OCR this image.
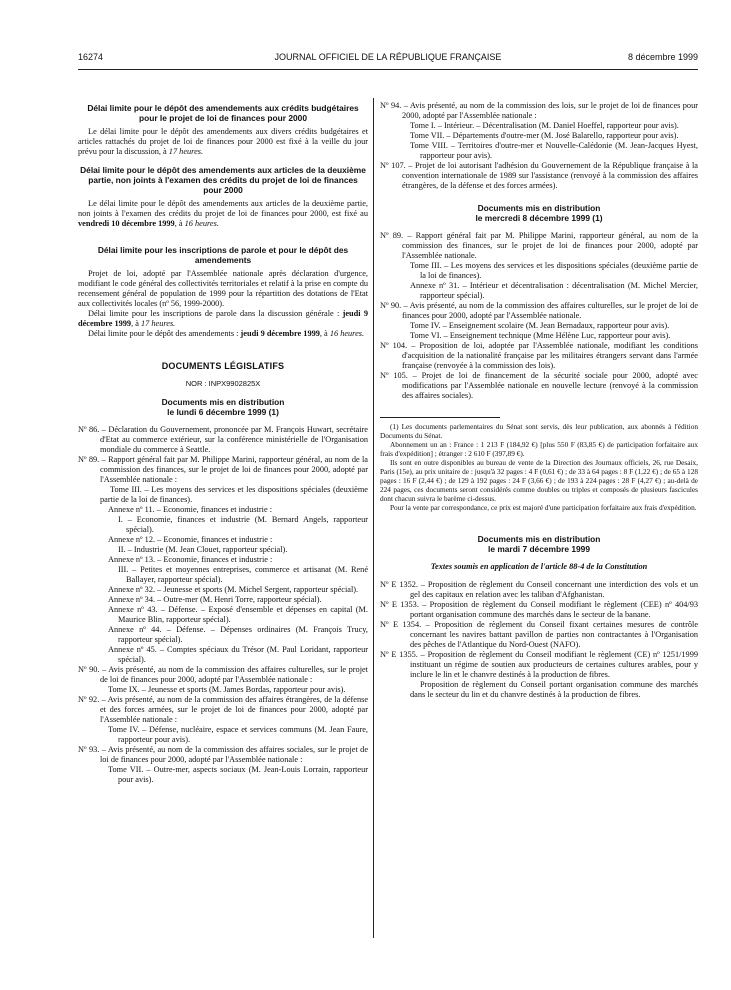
16274	JOURNAL OFFICIEL DE LA RÉPUBLIQUE FRANÇAISE	8 décembre 1999

Délai limite pour le dépôt des amendements aux crédits budgétaires pour le projet de loi de finances pour 2000

Le délai limite pour le dépôt des amendements aux divers crédits budgétaires et articles rattachés du projet de loi de finances pour 2000 est fixé à la veille du jour prévu pour la discussion, à 17 heures.

Délai limite pour le dépôt des amendements aux articles de la deuxième partie, non joints à l'examen des crédits du projet de loi de finances pour 2000

Le délai limite pour le dépôt des amendements aux articles de la deuxième partie, non joints à l'examen des crédits du projet de loi de finances pour 2000, est fixé au vendredi 10 décembre 1999, à 16 heures.

Délai limite pour les inscriptions de parole et pour le dépôt des amendements

Projet de loi, adopté par l'Assemblée nationale après déclaration d'urgence, modifiant le code général des collectivités territoriales et relatif à la prise en compte du recensement général de population de 1999 pour la répartition des dotations de l'Etat aux collectivités locales (nº 56, 1999-2000).

Délai limite pour les inscriptions de parole dans la discussion générale : jeudi 9 décembre 1999, à 17 heures.

Délai limite pour le dépôt des amendements : jeudi 9 décembre 1999, à 16 heures.

DOCUMENTS LÉGISLATIFS

NOR : INPX9902825X

Documents mis en distribution

le lundi 6 décembre 1999 (1)

Nº 86. – Déclaration du Gouvernement, prononcée par M. François Huwart, secrétaire d'Etat au commerce extérieur, sur la conférence ministérielle de l'Organisation mondiale du commerce à Seattle.

Nº 89. – Rapport général fait par M. Philippe Marini, rapporteur général, au nom de la commission des finances, sur le projet de loi de finances pour 2000, adopté par l'Assemblée nationale :

Tome III. – Les moyens des services et les dispositions spéciales (deuxième partie de la loi de finances).

Annexe nº 11. – Economie, finances et industrie :

I. – Economie, finances et industrie (M. Bernard Angels, rapporteur spécial).

Annexe nº 12. – Economie, finances et industrie :

II. – Industrie (M. Jean Clouet, rapporteur spécial).

Annexe nº 13. – Economie, finances et industrie :

III. – Petites et moyennes entreprises, commerce et artisanat (M. René Ballayer, rapporteur spécial).

Annexe nº 32. – Jeunesse et sports (M. Michel Sergent, rapporteur spécial).

Annexe nº 34. – Outre-mer (M. Henri Torre, rapporteur spécial).

Annexe nº 43. – Défense. – Exposé d'ensemble et dépenses en capital (M. Maurice Blin, rapporteur spécial).

Annexe nº 44. – Défense. – Dépenses ordinaires (M. François Trucy, rapporteur spécial).

Annexe nº 45. – Comptes spéciaux du Trésor (M. Paul Loridant, rapporteur spécial).

Nº 90. – Avis présenté, au nom de la commission des affaires culturelles, sur le projet de loi de finances pour 2000, adopté par l'Assemblée nationale :

Tome IX. – Jeunesse et sports (M. James Bordas, rapporteur pour avis).

Nº 92. – Avis présenté, au nom de la commission des affaires étrangères, de la défense et des forces armées, sur le projet de loi de finances pour 2000, adopté par l'Assemblée nationale :

Tome IV. – Défense, nucléaire, espace et services communs (M. Jean Faure, rapporteur pour avis).

Nº 93. – Avis présenté, au nom de la commission des affaires sociales, sur le projet de loi de finances pour 2000, adopté par l'Assemblée nationale :

Tome VII. – Outre-mer, aspects sociaux (M. Jean-Louis Lorrain, rapporteur pour avis).

Nº 94. – Avis présenté, au nom de la commission des lois, sur le projet de loi de finances pour 2000, adopté par l'Assemblée nationale :

Tome I. – Intérieur. – Décentralisation (M. Daniel Hoeffel, rapporteur pour avis).

Tome VII. – Départements d'outre-mer (M. José Balarello, rapporteur pour avis).

Tome VIII. – Territoires d'outre-mer et Nouvelle-Calédonie (M. Jean-Jacques Hyest, rapporteur pour avis).

Nº 107. – Projet de loi autorisant l'adhésion du Gouvernement de la République française à la convention internationale de 1989 sur l'assistance (renvoyé à la commission des affaires étrangères, de la défense et des forces armées).

Documents mis en distribution

le mercredi 8 décembre 1999 (1)

Nº 89. – Rapport général fait par M. Philippe Marini, rapporteur général, au nom de la commission des finances, sur le projet de loi de finances pour 2000, adopté par l'Assemblée nationale.

Tome III. – Les moyens des services et les dispositions spéciales (deuxième partie de la loi de finances).

Annexe nº 31. – Intérieur et décentralisation : décentralisation (M. Michel Mercier, rapporteur spécial).

Nº 90. – Avis présenté, au nom de la commission des affaires culturelles, sur le projet de loi de finances pour 2000, adopté par l'Assemblée nationale.

Tome IV. – Enseignement scolaire (M. Jean Bernadaux, rapporteur pour avis).

Tome VI. – Enseignement technique (Mme Hélène Luc, rapporteur pour avis).

Nº 104. – Proposition de loi, adoptée par l'Assemblée nationale, modifiant les conditions d'acquisition de la nationalité française par les militaires étrangers servant dans l'armée française (renvoyée à la commission des lois).

Nº 105. – Projet de loi de financement de la sécurité sociale pour 2000, adopté avec modifications par l'Assemblée nationale en nouvelle lecture (renvoyé à la commission des affaires sociales).

(1) Les documents parlementaires du Sénat sont servis, dès leur publication, aux abonnés à l'édition Documents du Sénat.

Abonnement un an : France : 1 213 F (184,92 €) [plus 550 F (83,85 €) de participation forfaitaire aux frais d'expédition] ; étranger : 2 610 F (397,89 €).

Ils sont en outre disponibles au bureau de vente de la Direction des Journaux officiels, 26, rue Desaix, Paris (15e), au prix unitaire de : jusqu'à 32 pages : 4 F (0,61 €) ; de 33 à 64 pages : 8 F (1,22 €) ; de 65 à 128 pages : 16 F (2,44 €) ; de 129 à 192 pages : 24 F (3,66 €) ; de 193 à 224 pages : 28 F (4,27 €) ; au-delà de 224 pages, ces documents seront considérés comme doubles ou triples et composés de plusieurs fascicules dont chacun suivra le barème ci-dessus.

Pour la vente par correspondance, ce prix est majoré d'une participation forfaitaire aux frais d'expédition.

Documents mis en distribution

le mardi 7 décembre 1999

Textes soumis en application de l'article 88-4 de la Constitution

Nº E 1352. – Proposition de règlement du Conseil concernant une interdiction des vols et un gel des capitaux en relation avec les taliban d'Afghanistan.

Nº E 1353. – Proposition de règlement du Conseil modifiant le règlement (CEE) nº 404/93 portant organisation commune des marchés dans le secteur de la banane.

Nº E 1354. – Proposition de règlement du Conseil fixant certaines mesures de contrôle concernant les navires battant pavillon de parties non contractantes à l'Organisation des pêches de l'Atlantique du Nord-Ouest (NAFO).

Nº E 1355. – Proposition de règlement du Conseil modifiant le règlement (CE) nº 1251/1999 instituant un régime de soutien aux producteurs de certaines cultures arables, pour y inclure le lin et le chanvre destinés à la production de fibres.

Proposition de règlement du Conseil portant organisation commune des marchés dans le secteur du lin et du chanvre destinés à la production de fibres.
